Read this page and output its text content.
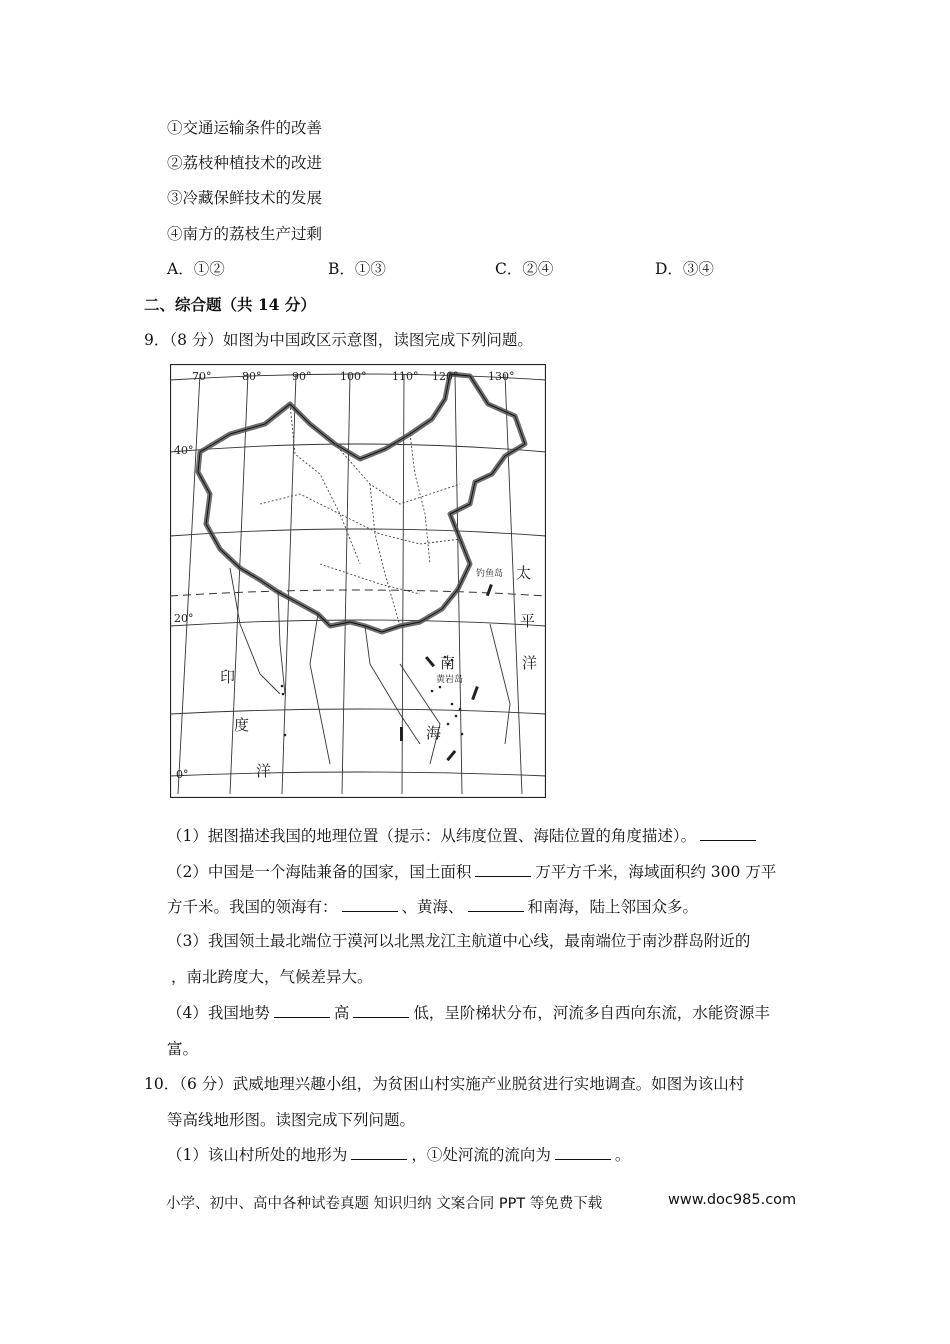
①交通运输条件的改善
②荔枝种植技术的改进
③冷藏保鲜技术的发展
④南方的荔枝生产过剩
A．①②	B．①③	C．②④	D．③④
二、综合题（共 14 分）
9．（8 分）如图为中国政区示意图，读图完成下列问题。
70°	80°	90°	100° 110° 120°	130°
40°
20°
0°
太
平
洋
印
度
洋
南
海
钓鱼岛
黄岩岛
（1）据图描述我国的地理位置（提示：从纬度位置、海陆位置的角度描述）。
（2）中国是一个海陆兼备的国家，国土面积	万平方千米，海域面积约 300 万平
方千米。我国的领海有：	、黄海、	和南海，陆上邻国众多。
（3）我国领土最北端位于漠河以北黑龙江主航道中心线，最南端位于南沙群岛附近的
，南北跨度大，气候差异大。
（4）我国地势	高	低，呈阶梯状分布，河流多自西向东流，水能资源丰
富。
10．（6 分）武威地理兴趣小组，为贫困山村实施产业脱贫进行实地调查。如图为该山村
等高线地形图。读图完成下列问题。
（1）该山村所处的地形为	，①处河流的流向为	。
小学、初中、高中各种试卷真题 知识归纳 文案合同 PPT 等免费下载	www.doc985.com
